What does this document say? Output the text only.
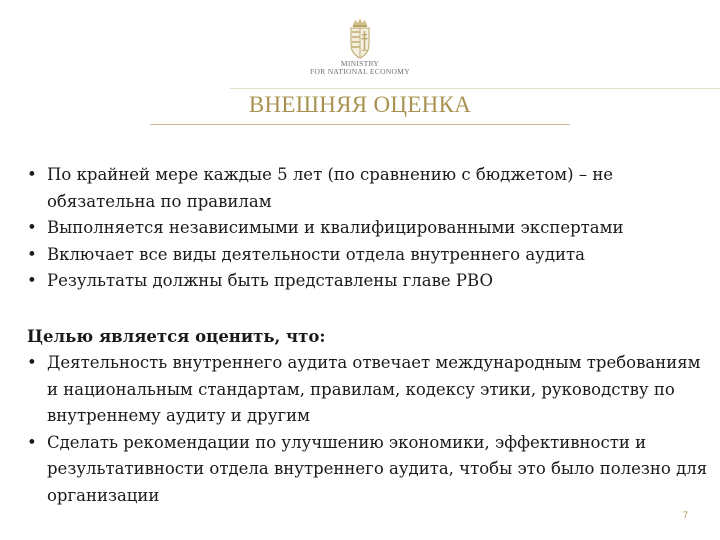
MINISTRY
FOR NATIONAL ECONOMY
ВНЕШНЯЯ ОЦЕНКА
• По крайней мере каждые 5 лет (по сравнению с бюджетом) – не обязательна по правилам
• Выполняется независимыми и квалифицированными экспертами
• Включает все виды деятельности отдела внутреннего аудита
• Результаты должны быть представлены главе PBO
Целью является оценить, что:
• Деятельность внутреннего аудита отвечает международным требованиям и национальным стандартам, правилам, кодексу этики, руководству по внутреннему аудиту и другим
• Сделать рекомендации по улучшению экономики, эффективности и результативности отдела внутреннего аудита, чтобы это было полезно для организации
7
